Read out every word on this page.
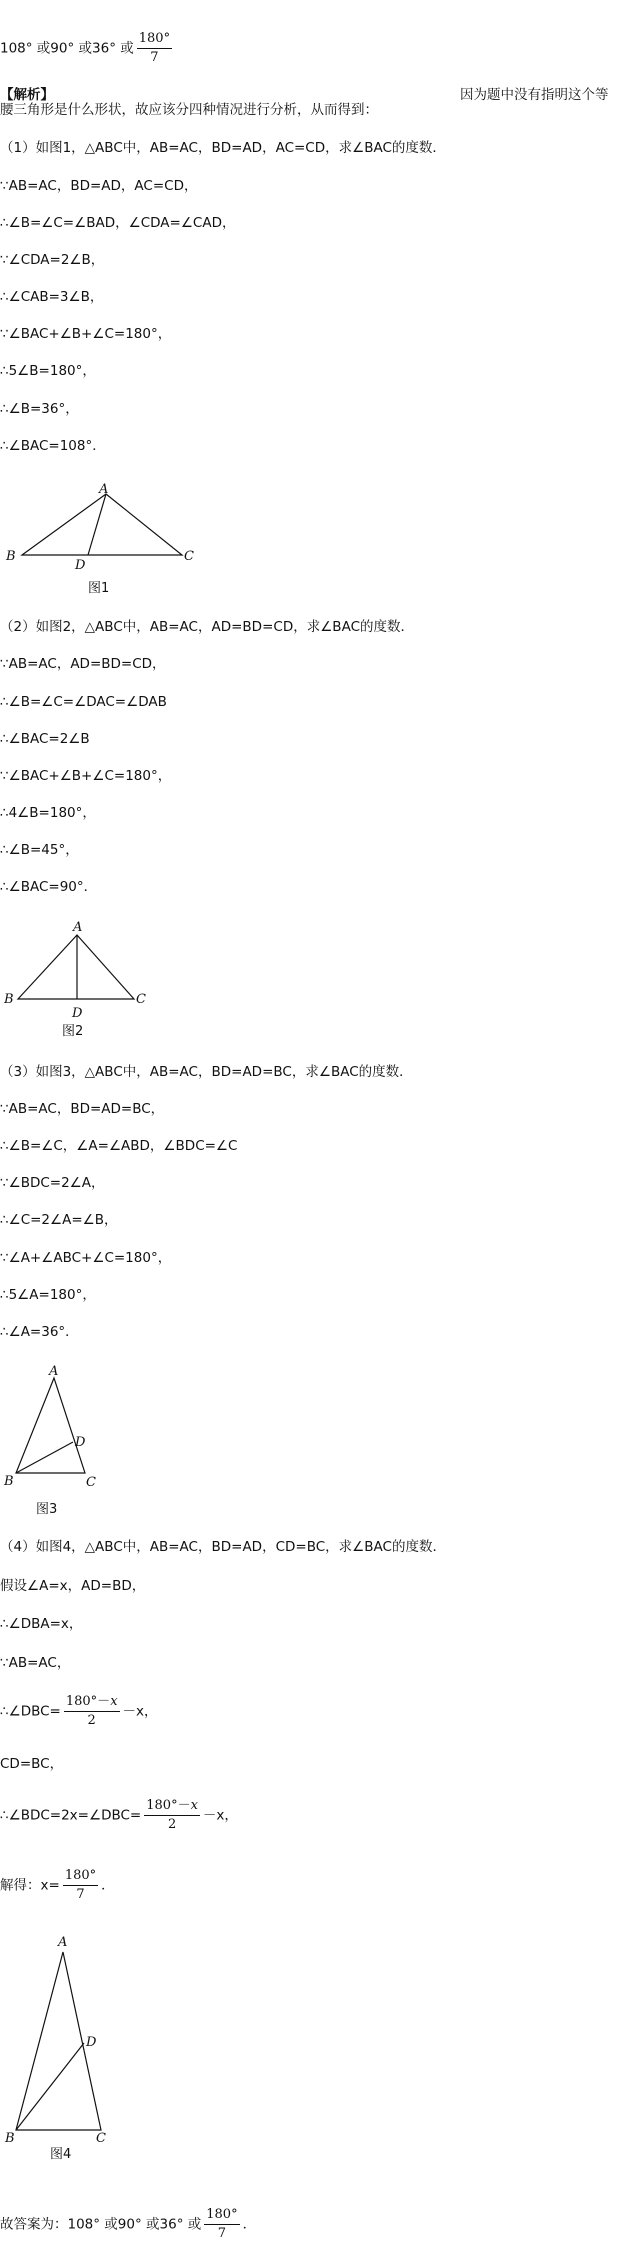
108° 或90° 或36° 或 $\frac{180^\circ}{7}$
【解析】	因为题中没有指明这个等
腰三角形是什么形状，故应该分四种情况进行分析，从而得到：
（1）如图1，△ABC中，AB=AC，BD=AD，AC=CD，求∠BAC的度数．
∵AB=AC，BD=AD，AC=CD，
∴∠B=∠C=∠BAD，∠CDA=∠CAD，
∵∠CDA=2∠B，
∴∠CAB=3∠B，
∵∠BAC+∠B+∠C=180°，
∴5∠B=180°，
∴∠B=36°，
∴∠BAC=108°．
A
B	C
D
图1
（2）如图2，△ABC中，AB=AC，AD=BD=CD，求∠BAC的度数．
∵AB=AC，AD=BD=CD，
∴∠B=∠C=∠DAC=∠DAB
∴∠BAC=2∠B
∵∠BAC+∠B+∠C=180°，
∴4∠B=180°，
∴∠B=45°，
∴∠BAC=90°．
A
B	C
D
图2
（3）如图3，△ABC中，AB=AC，BD=AD=BC，求∠BAC的度数．
∵AB=AC，BD=AD=BC，
∴∠B=∠C，∠A=∠ABD，∠BDC=∠C
∵∠BDC=2∠A，
∴∠C=2∠A=∠B，
∵∠A+∠ABC+∠C=180°，
∴5∠A=180°，
∴∠A=36°．
A
B	C
D
图3
（4）如图4，△ABC中，AB=AC，BD=AD，CD=BC，求∠BAC的度数．
假设∠A=x，AD=BD，
∴∠DBA=x，
∵AB=AC，
∴∠DBC= $\frac{180^\circ-x}{2} -x$，
CD=BC，
∴∠BDC=2x=∠DBC= $\frac{180^\circ-x}{2} -x$，
解得：$x= \frac{180^\circ}{7}$ ．
A
B	C
D
图4
故答案为：108° 或90° 或36° 或 $\frac{180^\circ}{7}$ ．
